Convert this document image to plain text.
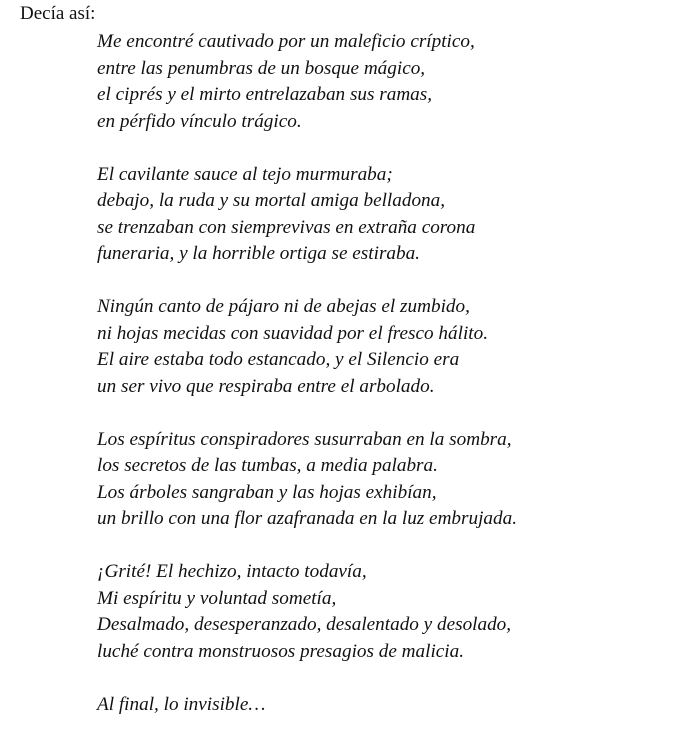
Decía así:

Me encontré cautivado por un maleficio críptico,
entre las penumbras de un bosque mágico,
el ciprés y el mirto entrelazaban sus ramas,
en pérfido vínculo trágico.
El cavilante sauce al tejo murmuraba;
debajo, la ruda y su mortal amiga belladona,
se trenzaban con siemprevivas en extraña corona
funeraria, y la horrible ortiga se estiraba.
Ningún canto de pájaro ni de abejas el zumbido,
ni hojas mecidas con suavidad por el fresco hálito.
El aire estaba todo estancado, y el Silencio era
un ser vivo que respiraba entre el arbolado.
Los espíritus conspiradores susurraban en la sombra,
los secretos de las tumbas, a media palabra.
Los árboles sangraban y las hojas exhibían,
un brillo con una flor azafranada en la luz embrujada.
¡Grité! El hechizo, intacto todavía,
Mi espíritu y voluntad sometía,
Desalmado, desesperanzado, desalentado y desolado,
luché contra monstruosos presagios de malicia.
Al final, lo invisible…
